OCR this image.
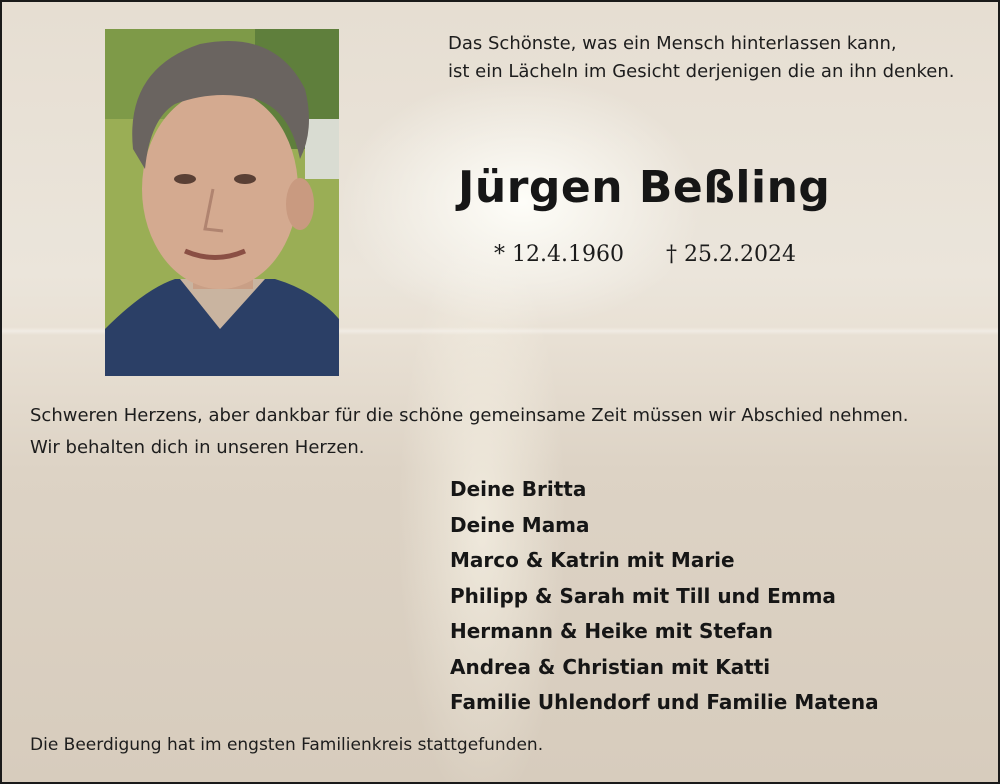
Das Schönste, was ein Mensch hinterlassen kann,
ist ein Lächeln im Gesicht derjenigen die an ihn denken.
Jürgen Beßling
* 12.4.1960 † 25.2.2024
Schweren Herzens, aber dankbar für die schöne gemeinsame Zeit müssen wir Abschied nehmen.
Wir behalten dich in unseren Herzen.
Deine Britta
Deine Mama
Marco & Katrin mit Marie
Philipp & Sarah mit Till und Emma
Hermann & Heike mit Stefan
Andrea & Christian mit Katti
Familie Uhlendorf und Familie Matena
Die Beerdigung hat im engsten Familienkreis stattgefunden.
